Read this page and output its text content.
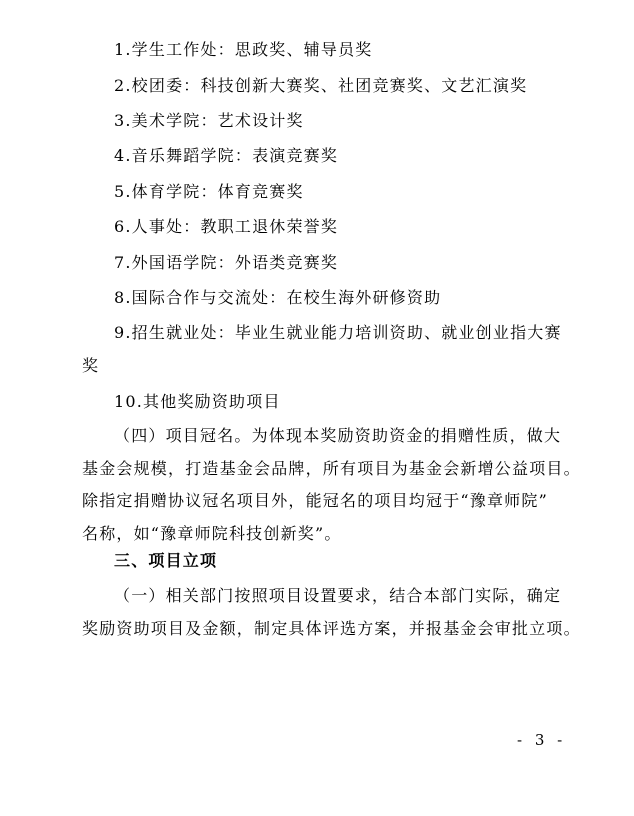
1.学生工作处：思政奖、辅导员奖
2.校团委：科技创新大赛奖、社团竞赛奖、文艺汇演奖
3.美术学院：艺术设计奖
4.音乐舞蹈学院：表演竞赛奖
5.体育学院：体育竞赛奖
6.人事处：教职工退休荣誉奖
7.外国语学院：外语类竞赛奖
8.国际合作与交流处：在校生海外研修资助
9.招生就业处：毕业生就业能力培训资助、就业创业指大赛
奖
10.其他奖励资助项目
（四）项目冠名。为体现本奖励资助资金的捐赠性质，做大
基金会规模，打造基金会品牌，所有项目为基金会新增公益项目。
除指定捐赠协议冠名项目外，能冠名的项目均冠于“豫章师院”
名称，如“豫章师院科技创新奖”。
三、项目立项
（一）相关部门按照项目设置要求，结合本部门实际，确定
奖励资助项目及金额，制定具体评选方案，并报基金会审批立项。
- 3 -
